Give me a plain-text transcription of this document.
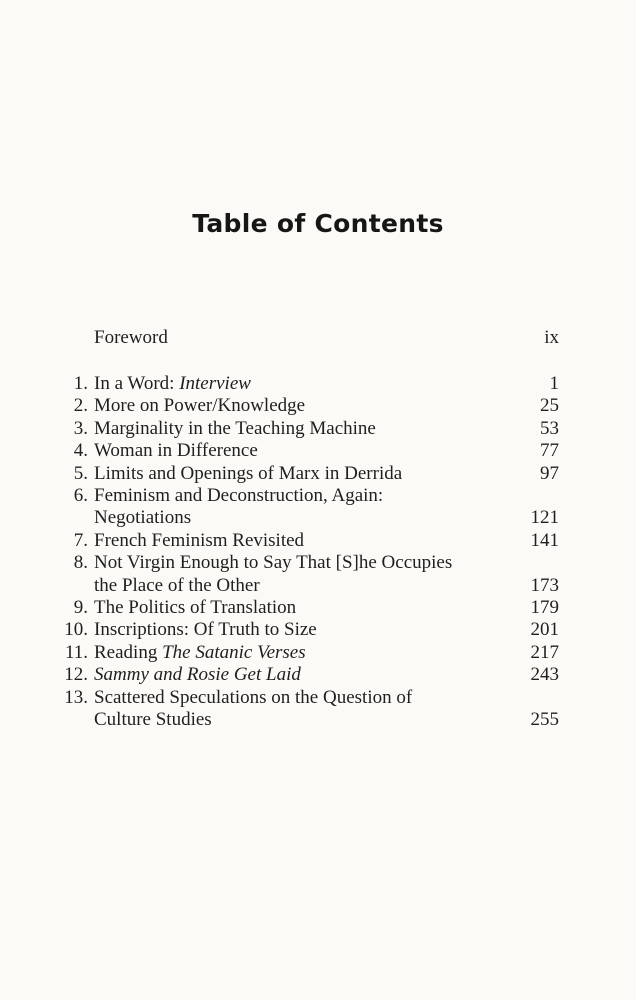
Table of Contents
Foreword	ix
1. In a Word: Interview	1
2. More on Power/Knowledge	25
3. Marginality in the Teaching Machine	53
4. Woman in Difference	77
5. Limits and Openings of Marx in Derrida	97
6. Feminism and Deconstruction, Again:
Negotiations	121
7. French Feminism Revisited	141
8. Not Virgin Enough to Say That [S]he Occupies
the Place of the Other	173
9. The Politics of Translation	179
10. Inscriptions: Of Truth to Size	201
11. Reading The Satanic Verses	217
12. Sammy and Rosie Get Laid	243
13. Scattered Speculations on the Question of
Culture Studies	255
